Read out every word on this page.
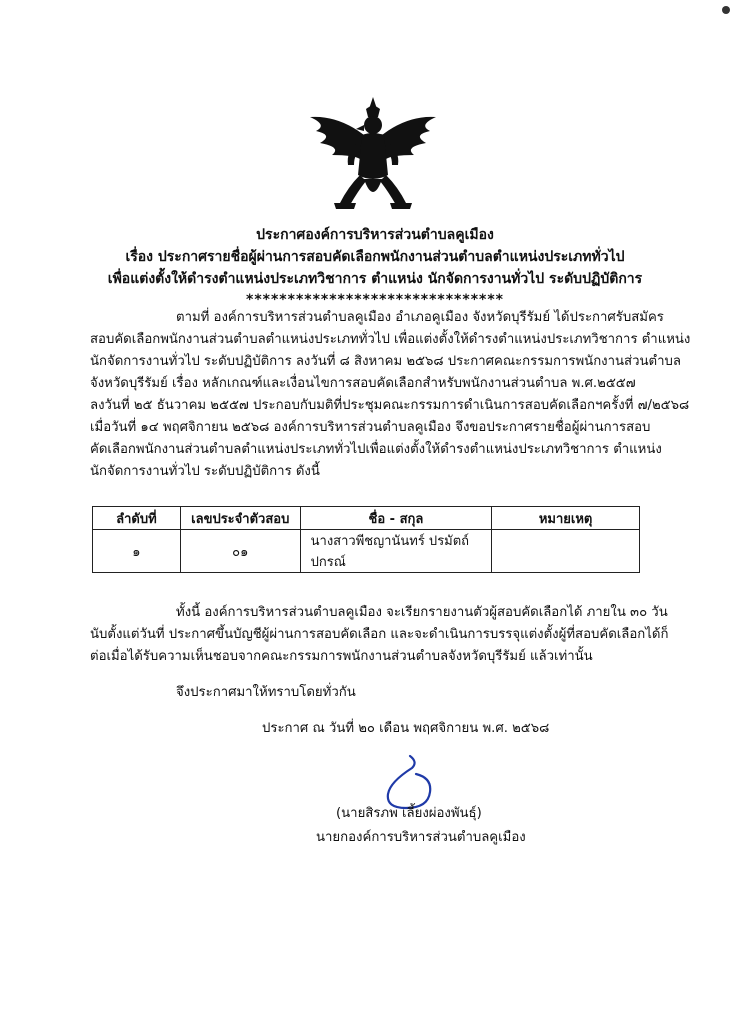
ประกาศองค์การบริหารส่วนตำบลคูเมือง
เรื่อง ประกาศรายชื่อผู้ผ่านการสอบคัดเลือกพนักงานส่วนตำบลตำแหน่งประเภททั่วไป
เพื่อแต่งตั้งให้ดำรงตำแหน่งประเภทวิชาการ ตำแหน่ง นักจัดการงานทั่วไป ระดับปฏิบัติการ
*******************************
ตามที่ องค์การบริหารส่วนตำบลคูเมือง อำเภอคูเมือง จังหวัดบุรีรัมย์ ได้ประกาศรับสมัคร
สอบคัดเลือกพนักงานส่วนตำบลตำแหน่งประเภททั่วไป เพื่อแต่งตั้งให้ดำรงตำแหน่งประเภทวิชาการ ตำแหน่ง
นักจัดการงานทั่วไป ระดับปฏิบัติการ ลงวันที่ ๘ สิงหาคม ๒๕๖๘ ประกาศคณะกรรมการพนักงานส่วนตำบล
จังหวัดบุรีรัมย์ เรื่อง หลักเกณฑ์และเงื่อนไขการสอบคัดเลือกสำหรับพนักงานส่วนตำบล พ.ศ.๒๕๕๗
ลงวันที่ ๒๕ ธันวาคม ๒๕๕๗ ประกอบกับมติที่ประชุมคณะกรรมการดำเนินการสอบคัดเลือกฯครั้งที่ ๗/๒๕๖๘
เมื่อวันที่ ๑๔ พฤศจิกายน ๒๕๖๘ องค์การบริหารส่วนตำบลคูเมือง จึงขอประกาศรายชื่อผู้ผ่านการสอบ
คัดเลือกพนักงานส่วนตำบลตำแหน่งประเภททั่วไปเพื่อแต่งตั้งให้ดำรงตำแหน่งประเภทวิชาการ ตำแหน่ง
นักจัดการงานทั่วไป ระดับปฏิบัติการ ดังนี้
ลำดับที่	เลขประจำตัวสอบ	ชื่อ - สกุล	หมายเหตุ
๑	๐๑	นางสาวพีชญานันทร์ ปรมัตถ์ปกรณ์	
ทั้งนี้ องค์การบริหารส่วนตำบลคูเมือง จะเรียกรายงานตัวผู้สอบคัดเลือกได้ ภายใน ๓๐ วัน
นับตั้งแต่วันที่ ประกาศขึ้นบัญชีผู้ผ่านการสอบคัดเลือก และจะดำเนินการบรรจุแต่งตั้งผู้ที่สอบคัดเลือกได้ก็
ต่อเมื่อได้รับความเห็นชอบจากคณะกรรมการพนักงานส่วนตำบลจังหวัดบุรีรัมย์ แล้วเท่านั้น
จึงประกาศมาให้ทราบโดยทั่วกัน
ประกาศ ณ วันที่ ๒๐ เดือน พฤศจิกายน พ.ศ. ๒๕๖๘
(นายสิรภพ เลี้ยงผ่องพันธุ์)
นายกองค์การบริหารส่วนตำบลคูเมือง
